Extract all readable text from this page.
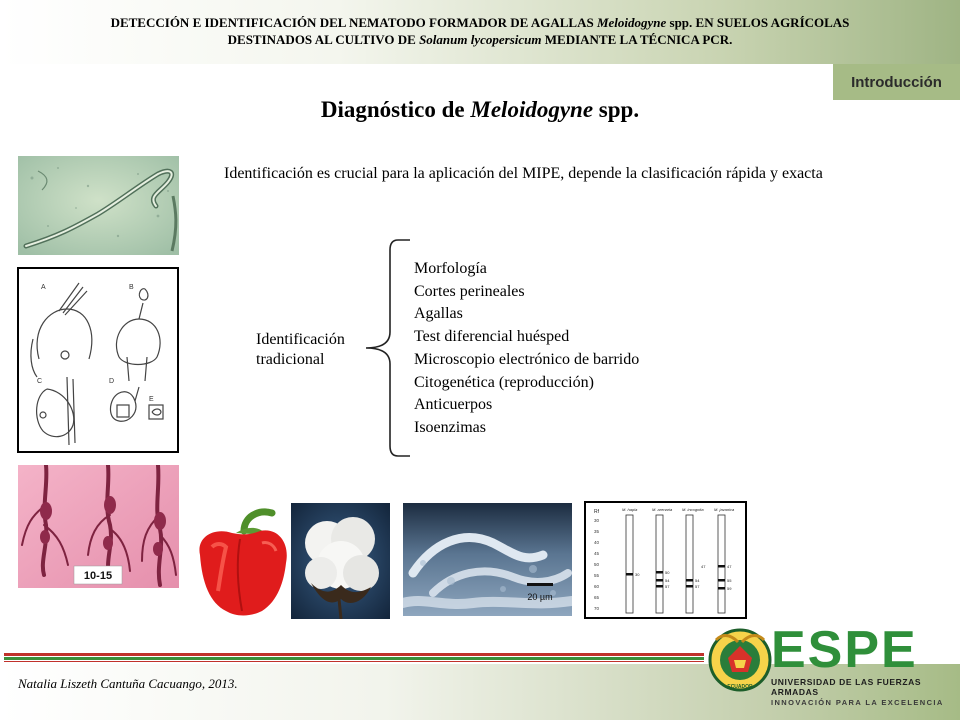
DETECCIÓN E IDENTIFICACIÓN DEL NEMATODO FORMADOR DE AGALLAS Meloidogyne spp. EN SUELOS AGRÍCOLAS
DESTINADOS AL CULTIVO DE Solanum lycopersicum MEDIANTE LA TÉCNICA PCR.
Introducción
Diagnóstico de Meloidogyne spp.
Identificación es crucial para la aplicación del MIPE, depende la clasificación rápida y exacta
Identificación tradicional
Morfología
Cortes perineales
Agallas
Test diferencial huésped
Microscopio electrónico de barrido
Citogenética (reproducción)
Anticuerpos
Isoenzimas
A	B
C	D
E
10-15
20 µm
Rf
30
35
40
45
50
55
60
65
70
M. hapla	M. arenaria M. incognita	M. javanica
30	50
54
57
54
57
47	47
55
59
Natalia Liszeth Cantuña Cacuango, 2013.	ECUADOR
ESPE
UNIVERSIDAD DE LAS FUERZAS ARMADAS
INNOVACIÓN PARA LA EXCELENCIA
